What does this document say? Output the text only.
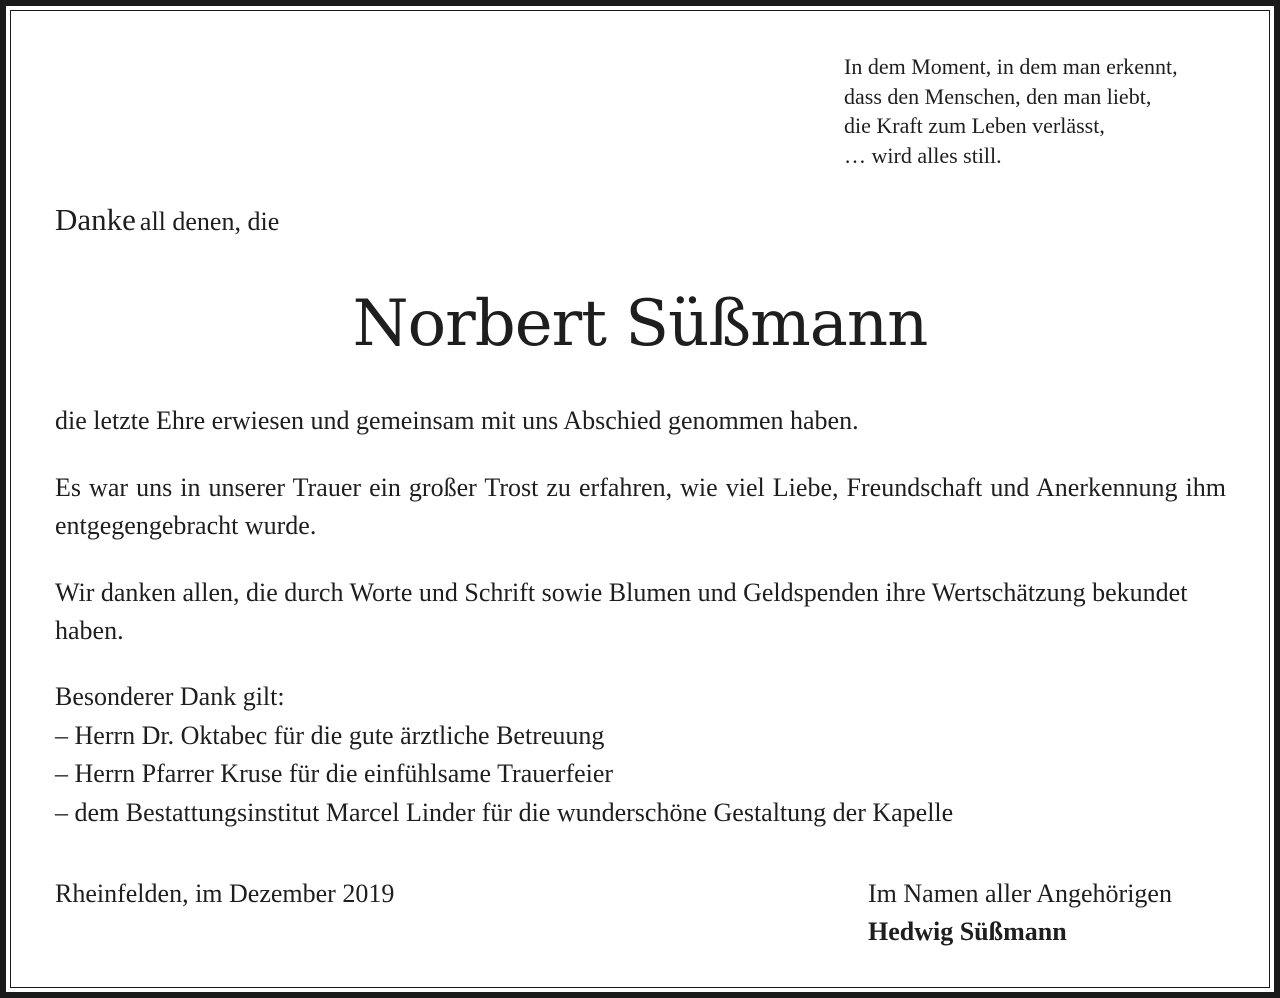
In dem Moment, in dem man erkennt,
dass den Menschen, den man liebt,
die Kraft zum Leben verlässt,
… wird alles still.
Danke all denen, die
Norbert Süßmann
die letzte Ehre erwiesen und gemeinsam mit uns Abschied genommen haben.
Es war uns in unserer Trauer ein großer Trost zu erfahren, wie viel Liebe, Freundschaft und Anerkennung ihm entgegengebracht wurde.
Wir danken allen, die durch Worte und Schrift sowie Blumen und Geldspenden ihre Wertschätzung bekundet haben.
Besonderer Dank gilt:
– Herrn Dr. Oktabec für die gute ärztliche Betreuung
– Herrn Pfarrer Kruse für die einfühlsame Trauerfeier
– dem Bestattungsinstitut Marcel Linder für die wunderschöne Gestaltung der Kapelle
Rheinfelden, im Dezember 2019	Im Namen aller Angehörigen
Hedwig Süßmann
